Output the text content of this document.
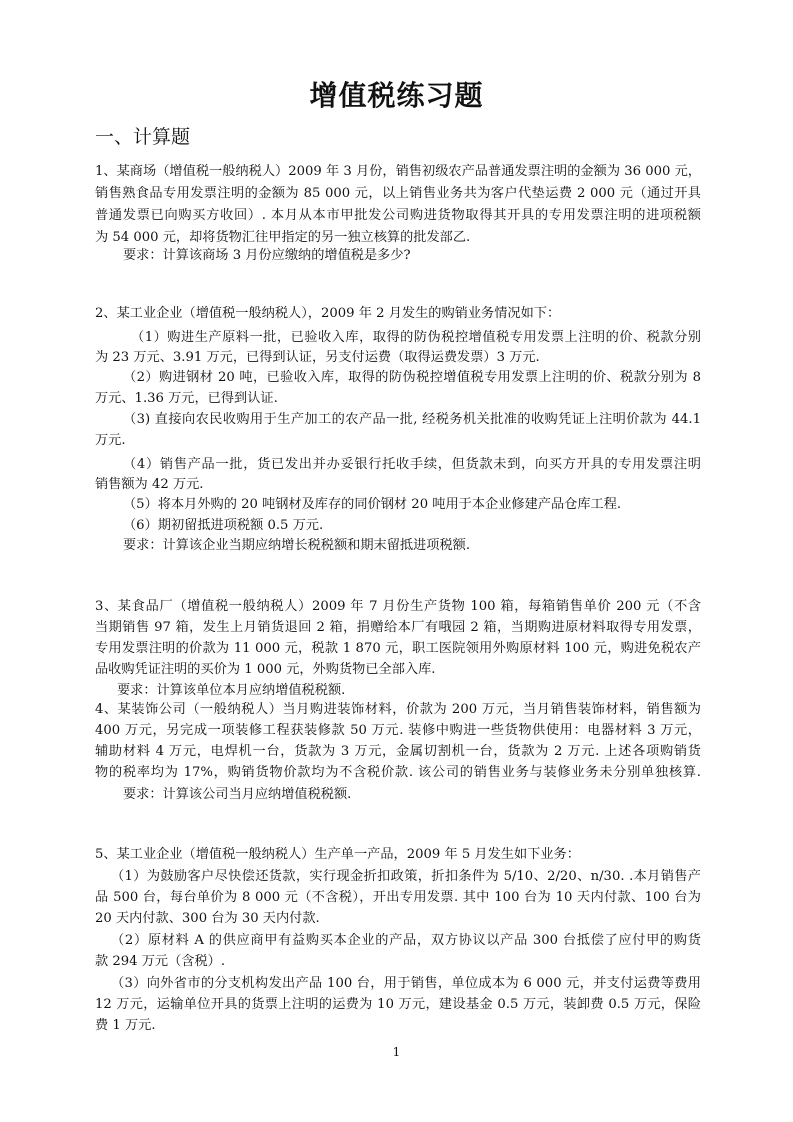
增值税练习题
一、计算题
1、某商场（增值税一般纳税人）2009 年 3 月份，销售初级农产品普通发票注明的金额为 36 000 元，
销售熟食品专用发票注明的金额为 85 000 元，以上销售业务共为客户代垫运费 2 000 元（通过开具
普通发票已向购买方收回）. 本月从本市甲批发公司购进货物取得其开具的专用发票注明的进项税额
为 54 000 元，却将货物汇往甲指定的另一独立核算的批发部乙.
要求：计算该商场 3 月份应缴纳的增值税是多少?
2、某工业企业（增值税一般纳税人），2009 年 2 月发生的购销业务情况如下：
（1）购进生产原料一批，已验收入库，取得的防伪税控增值税专用发票上注明的价、税款分别
为 23 万元、3.91 万元，已得到认证，另支付运费（取得运费发票）3 万元.
（2）购进钢材 20 吨，已验收入库，取得的防伪税控增值税专用发票上注明的价、税款分别为 8
万元、1.36 万元，已得到认证.
（3) 直接向农民收购用于生产加工的农产品一批, 经税务机关批准的收购凭证上注明价款为 44.1
万元.
（4）销售产品一批，货已发出并办妥银行托收手续，但货款未到，向买方开具的专用发票注明
销售额为 42 万元.
（5）将本月外购的 20 吨钢材及库存的同价钢材 20 吨用于本企业修建产品仓库工程.
（6）期初留抵进项税额 0.5 万元.
要求：计算该企业当期应纳增长税税额和期末留抵进项税额.
3、某食品厂（增值税一般纳税人）2009 年 7 月份生产货物 100 箱，每箱销售单价 200 元（不含
当期销售 97 箱，发生上月销货退回 2 箱，捐赠给本厂有哦园 2 箱，当期购进原材料取得专用发票，
专用发票注明的价款为 11 000 元，税款 1 870 元，职工医院领用外购原材料 100 元，购进免税农产
品收购凭证注明的买价为 1 000 元，外购货物已全部入库.
要求：计算该单位本月应纳增值税税额.
4、某装饰公司（一般纳税人）当月购进装饰材料，价款为 200 万元，当月销售装饰材料，销售额为
400 万元，另完成一项装修工程获装修款 50 万元. 装修中购进一些货物供使用：电器材料 3 万元，
辅助材料 4 万元，电焊机一台，货款为 3 万元，金属切割机一台，货款为 2 万元. 上述各项购销货
物的税率均为 17%，购销货物价款均为不含税价款. 该公司的销售业务与装修业务未分别单独核算.
要求：计算该公司当月应纳增值税税额.
5、某工业企业（增值税一般纳税人）生产单一产品，2009 年 5 月发生如下业务：
（1）为鼓励客户尽快偿还货款，实行现金折扣政策，折扣条件为 5/10、2/20、n/30. .本月销售产
品 500 台，每台单价为 8 000 元（不含税），开出专用发票. 其中 100 台为 10 天内付款、100 台为
20 天内付款、300 台为 30 天内付款.
（2）原材料 A 的供应商甲有益购买本企业的产品，双方协议以产品 300 台抵偿了应付甲的购货
款 294 万元（含税）.
（3）向外省市的分支机构发出产品 100 台，用于销售，单位成本为 6 000 元，并支付运费等费用
12 万元，运输单位开具的货票上注明的运费为 10 万元，建设基金 0.5 万元，装卸费 0.5 万元，保险
费 1 万元.
1
